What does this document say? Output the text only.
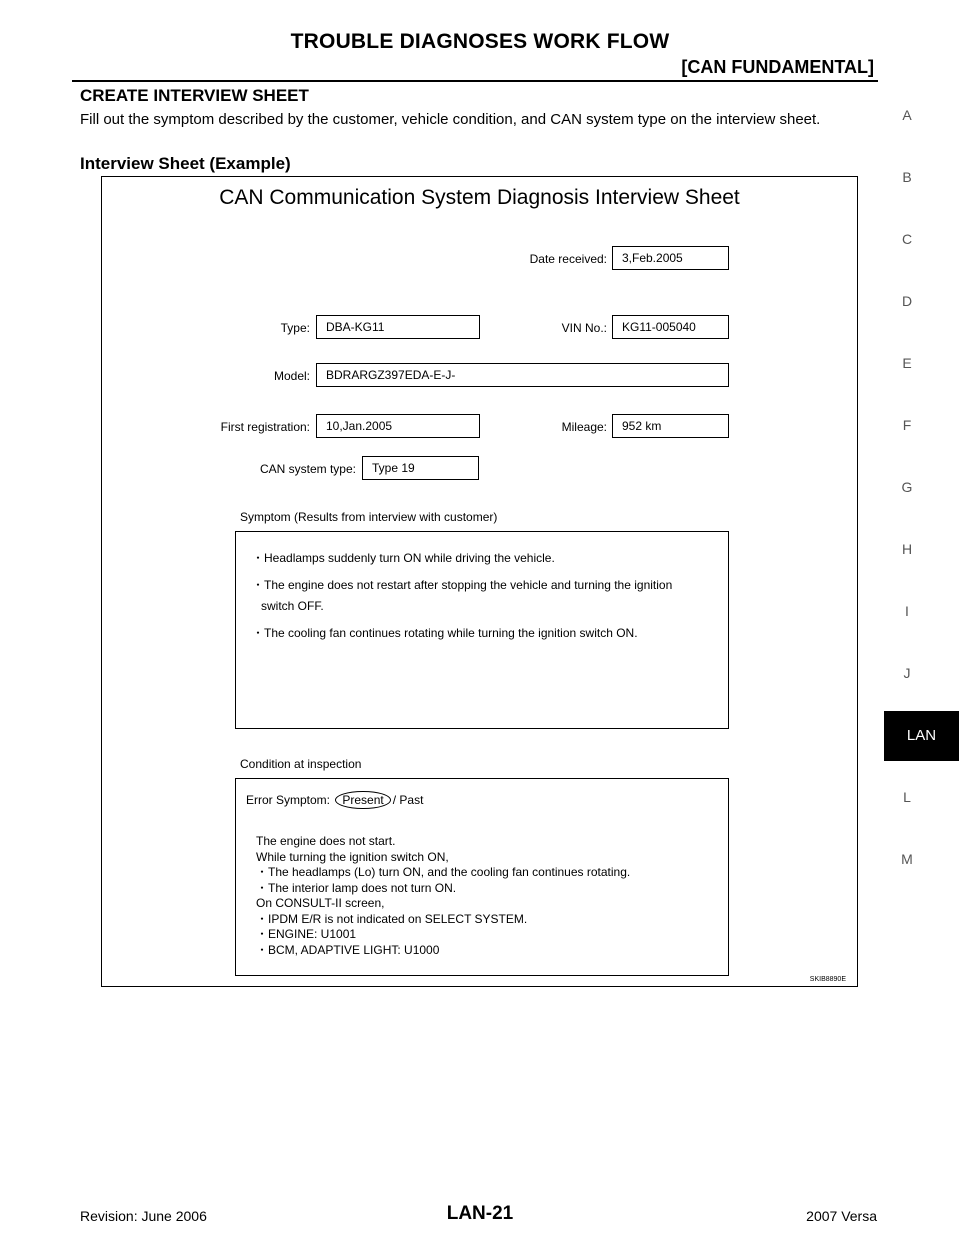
TROUBLE DIAGNOSES WORK FLOW
[CAN FUNDAMENTAL]
CREATE INTERVIEW SHEET
Fill out the symptom described by the customer, vehicle condition, and CAN system type on the interview sheet.
Interview Sheet (Example)
CAN Communication System Diagnosis Interview Sheet
Date received:	3,Feb.2005
Type:	DBA-KG11	VIN No.:	KG11-005040
Model:	BDRARGZ397EDA-E-J-
First registration:	10,Jan.2005	Mileage:	952 km
CAN system type:	Type 19
Symptom (Results from interview with customer)
・Headlamps suddenly turn ON while driving the vehicle.
・The engine does not restart after stopping the vehicle and turning the ignition
switch OFF.
・The cooling fan continues rotating while turning the ignition switch ON.
Condition at inspection
Error Symptom: Present / Past
The engine does not start.
While turning the ignition switch ON,
・The headlamps (Lo) turn ON, and the cooling fan continues rotating.
・The interior lamp does not turn ON.
On CONSULT-II screen,
・IPDM E/R is not indicated on SELECT SYSTEM.
・ENGINE: U1001
・BCM, ADAPTIVE LIGHT: U1000
SKIB8890E
A
B
C
D
E
F
G
H
I
J
L
M
LAN
Revision: June 2006	LAN-21	2007 Versa
